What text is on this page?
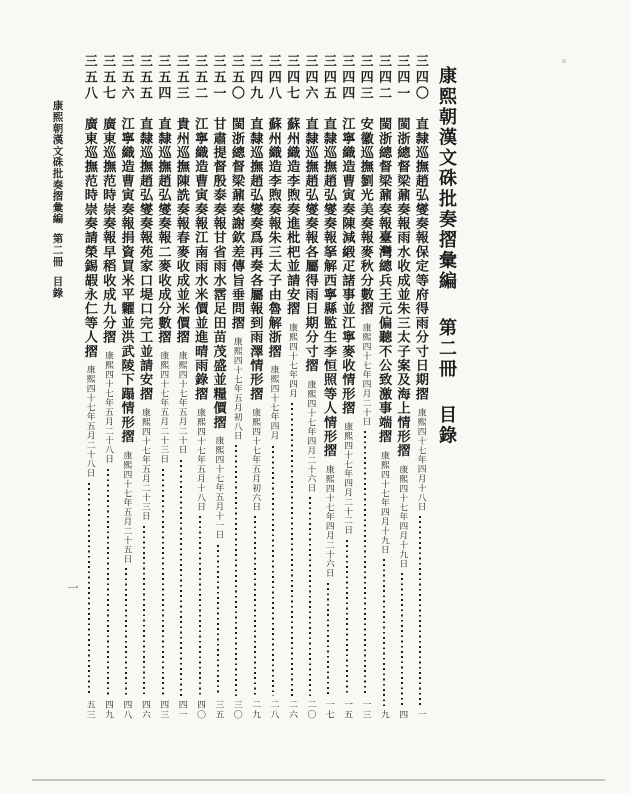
康熙朝漢文硃批奏摺彙編第二冊目錄
三四〇
直隸巡撫趙弘燮奏報保定等府得雨分寸日期摺
康熙四十七年四月十八日
一
三四一
閩浙總督梁鼐奏報雨水收成並朱三太子案及海上情形摺
康熙四十七年四月十九日
四
三四二
閩浙總督梁鼐奏報臺灣總兵王元偏聽不公致激事端摺
康熙四十七年四月十九日
九
三四三
安徽巡撫劉光美奏報麥秋分數摺
康熙四十七年四月二十日
一三
三四四
江寧織造曹寅奏陳減緞疋諸事並江寧麥收情形摺
康熙四十七年四月二十二日
一五
三四五
直隸巡撫趙弘燮奏報拏解西寧縣監生李恒照等人情形摺
康熙四十七年四月二十六日
一七
三四六
直隸巡撫趙弘燮奏報各屬得雨日期分寸摺
康熙四十七年四月二十六日
二〇
三四七
蘇州織造李煦奏進枇杷並請安摺
康熙四十七年四月
二六
三四八
蘇州織造李煦奏報朱三太子由魯解浙摺
康熙四十七年四月
二八
三四九
直隸巡撫趙弘燮奏爲再奏各屬報到雨澤情形摺
康熙四十七年五月初六日
二九
三五〇
閩浙總督梁鼐奏謝欽差傳旨垂問摺
康熙四十七年五月初八日
三〇
三五一
甘肅提督殷泰奏報甘省雨水霑足田苗茂盛並糧價摺
康熙四十七年五月十一日
三五
三五二
江寧織造曹寅奏報江南雨水米價並進晴雨錄摺
康熙四十七年五月十八日
四〇
三五三
貴州巡撫陳詵奏報春麥收成並米價摺
康熙四十七年五月二十日
四一
三五四
直隸巡撫趙弘燮奏報二麥收成分數摺
康熙四十七年五月二十三日
四三
三五五
直隸巡撫趙弘燮奏報苑家口堤口完工並請安摺
康熙四十七年五月二十三日
四六
三五六
江寧織造曹寅奏報捐資買米平糶並洪武陵下蹋情形摺
康熙四十七年五月二十五日
四八
三五七
廣東巡撫范時崇奏報早稻收成九分摺
康熙四十七年五月二十八日
四九
三五八
廣東巡撫范時崇奏請榮錫嘏永仁等人摺
康熙四十七年五月二十八日
五三
康熙朝漢文硃批奏摺彙編第二冊目錄
一
